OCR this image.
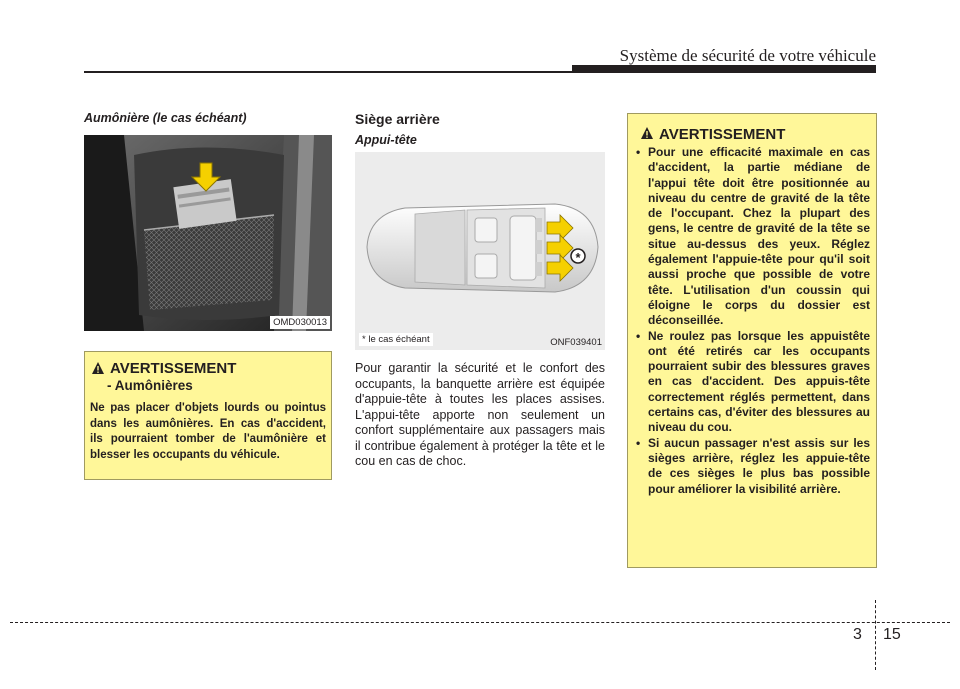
Système de sécurité de votre véhicule
Aumônière (le cas échéant)
OMD030013
AVERTISSEMENT
- Aumônières
Ne pas placer d'objets lourds ou pointus dans les aumônières. En cas d'accident, ils pourraient tomber de l'aumônière et blesser les occupants du véhicule.
Siège arrière
Appui-tête
*
* le cas échéant	ONF039401
Pour garantir la sécurité et le confort des occupants, la banquette arrière est équipée d'appuie-tête à toutes les places assises. L'appui-tête apporte non seulement un confort supplémentaire aux passagers mais il contribue également à protéger la tête et le cou en cas de choc.
AVERTISSEMENT
• Pour une efficacité maximale en cas d'accident, la partie médiane de l'appui tête doit être positionnée au niveau du centre de gravité de la tête de l'occupant. Chez la plupart des gens, le centre de gravité de la tête se situe au-dessus des yeux. Réglez également l'appuie-tête pour qu'il soit aussi proche que possible de votre tête. L'utilisation d'un coussin qui éloigne le corps du dossier est déconseillée.
• Ne roulez pas lorsque les appuistête ont été retirés car les occupants pourraient subir des blessures graves en cas d'accident. Des appuis-tête correctement réglés permettent, dans certains cas, d'éviter des blessures au niveau du cou.
• Si aucun passager n'est assis sur les sièges arrière, réglez les appuie-tête de ces sièges le plus bas possible pour améliorer la visibilité arrière.
3 15
